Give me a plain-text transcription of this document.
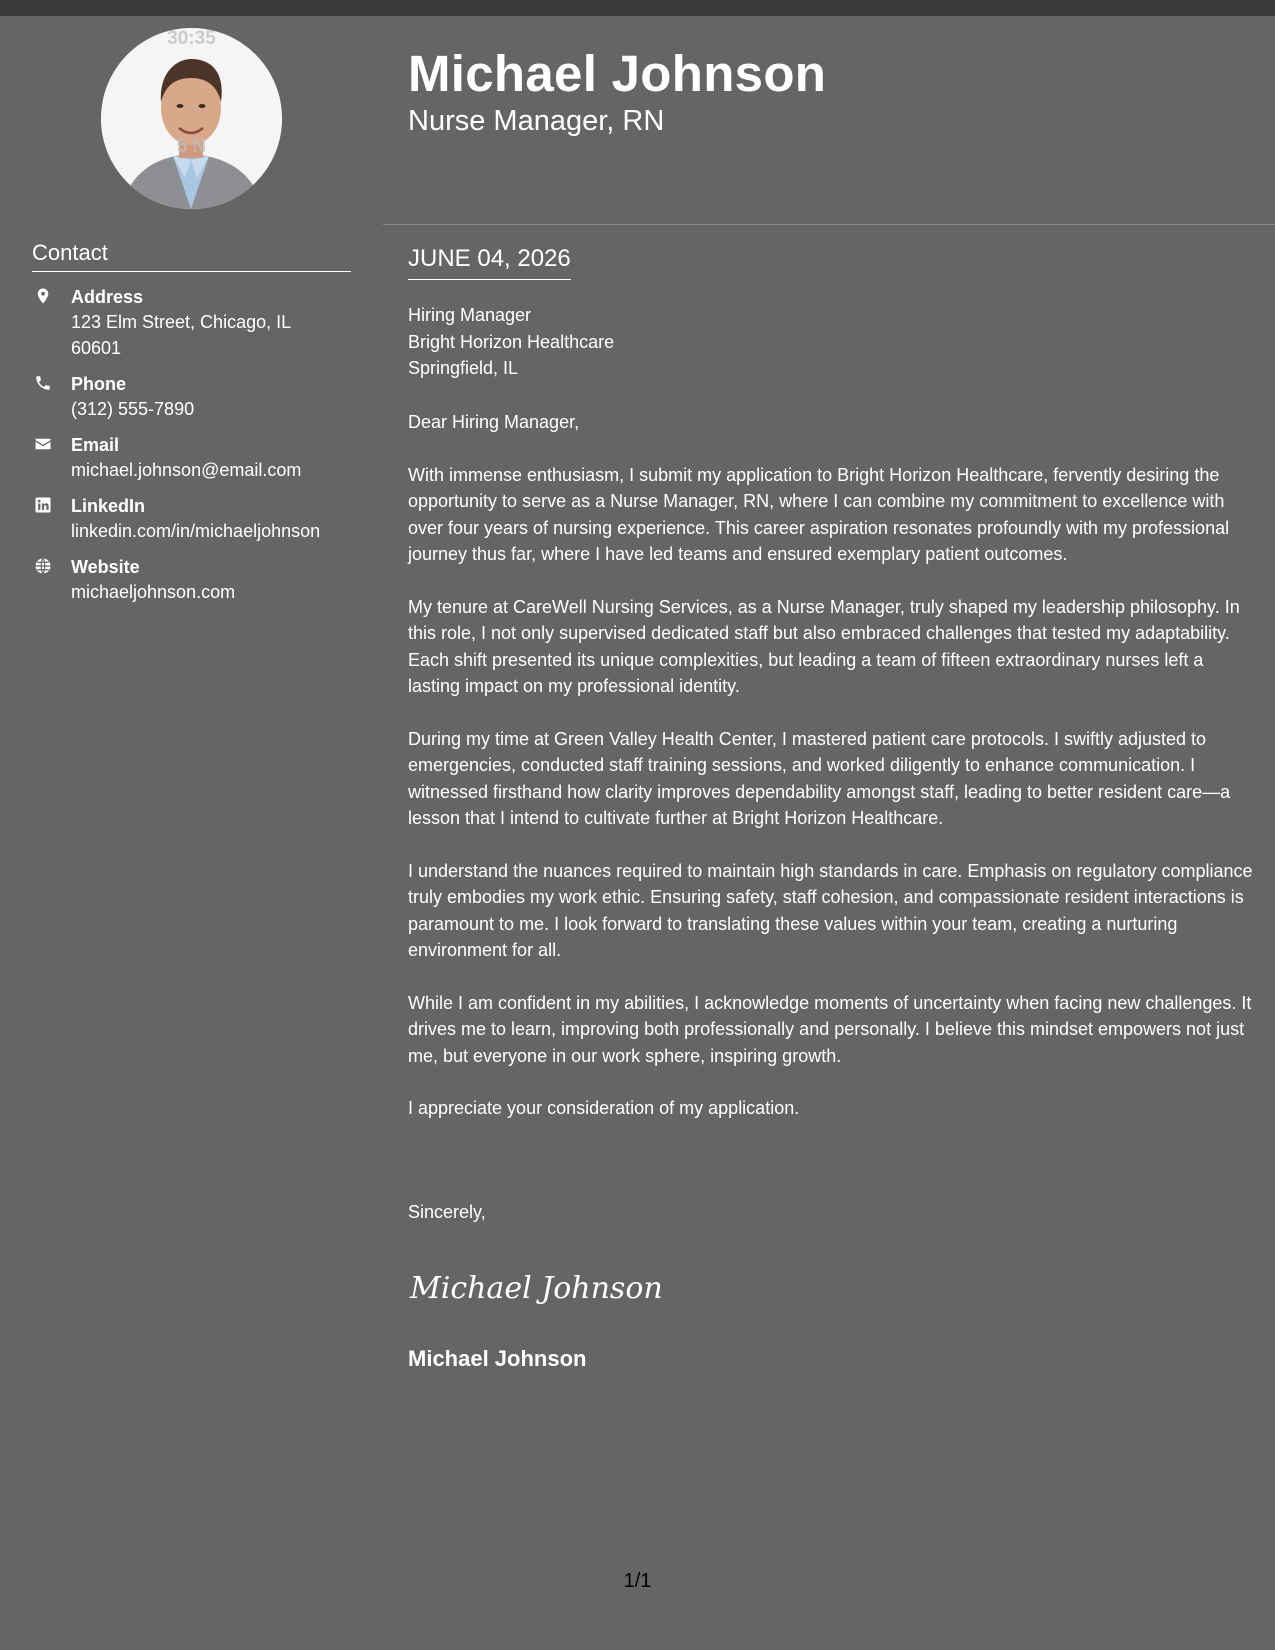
30:35
5 N
Contact
Address
123 Elm Street, Chicago, IL 60601
Phone
(312) 555-7890
Email
michael.johnson@email.com
LinkedIn
linkedin.com/in/michaeljohnson
Website
michaeljohnson.com
Michael Johnson
Nurse Manager, RN
JUNE 04, 2026
Hiring Manager
Bright Horizon Healthcare
Springfield, IL

Dear Hiring Manager,

With immense enthusiasm, I submit my application to Bright Horizon Healthcare, fervently desiring the opportunity to serve as a Nurse Manager, RN, where I can combine my commitment to excellence with over four years of nursing experience. This career aspiration resonates profoundly with my professional journey thus far, where I have led teams and ensured exemplary patient outcomes.

My tenure at CareWell Nursing Services, as a Nurse Manager, truly shaped my leadership philosophy. In this role, I not only supervised dedicated staff but also embraced challenges that tested my adaptability. Each shift presented its unique complexities, but leading a team of fifteen extraordinary nurses left a lasting impact on my professional identity.

During my time at Green Valley Health Center, I mastered patient care protocols. I swiftly adjusted to emergencies, conducted staff training sessions, and worked diligently to enhance communication. I witnessed firsthand how clarity improves dependability amongst staff, leading to better resident care—a lesson that I intend to cultivate further at Bright Horizon Healthcare.

I understand the nuances required to maintain high standards in care. Emphasis on regulatory compliance truly embodies my work ethic. Ensuring safety, staff cohesion, and compassionate resident interactions is paramount to me. I look forward to translating these values within your team, creating a nurturing environment for all.

While I am confident in my abilities, I acknowledge moments of uncertainty when facing new challenges. It drives me to learn, improving both professionally and personally. I believe this mindset empowers not just me, but everyone in our work sphere, inspiring growth.

I appreciate your consideration of my application.

Sincerely,
Michael Johnson
Michael Johnson
1/1
